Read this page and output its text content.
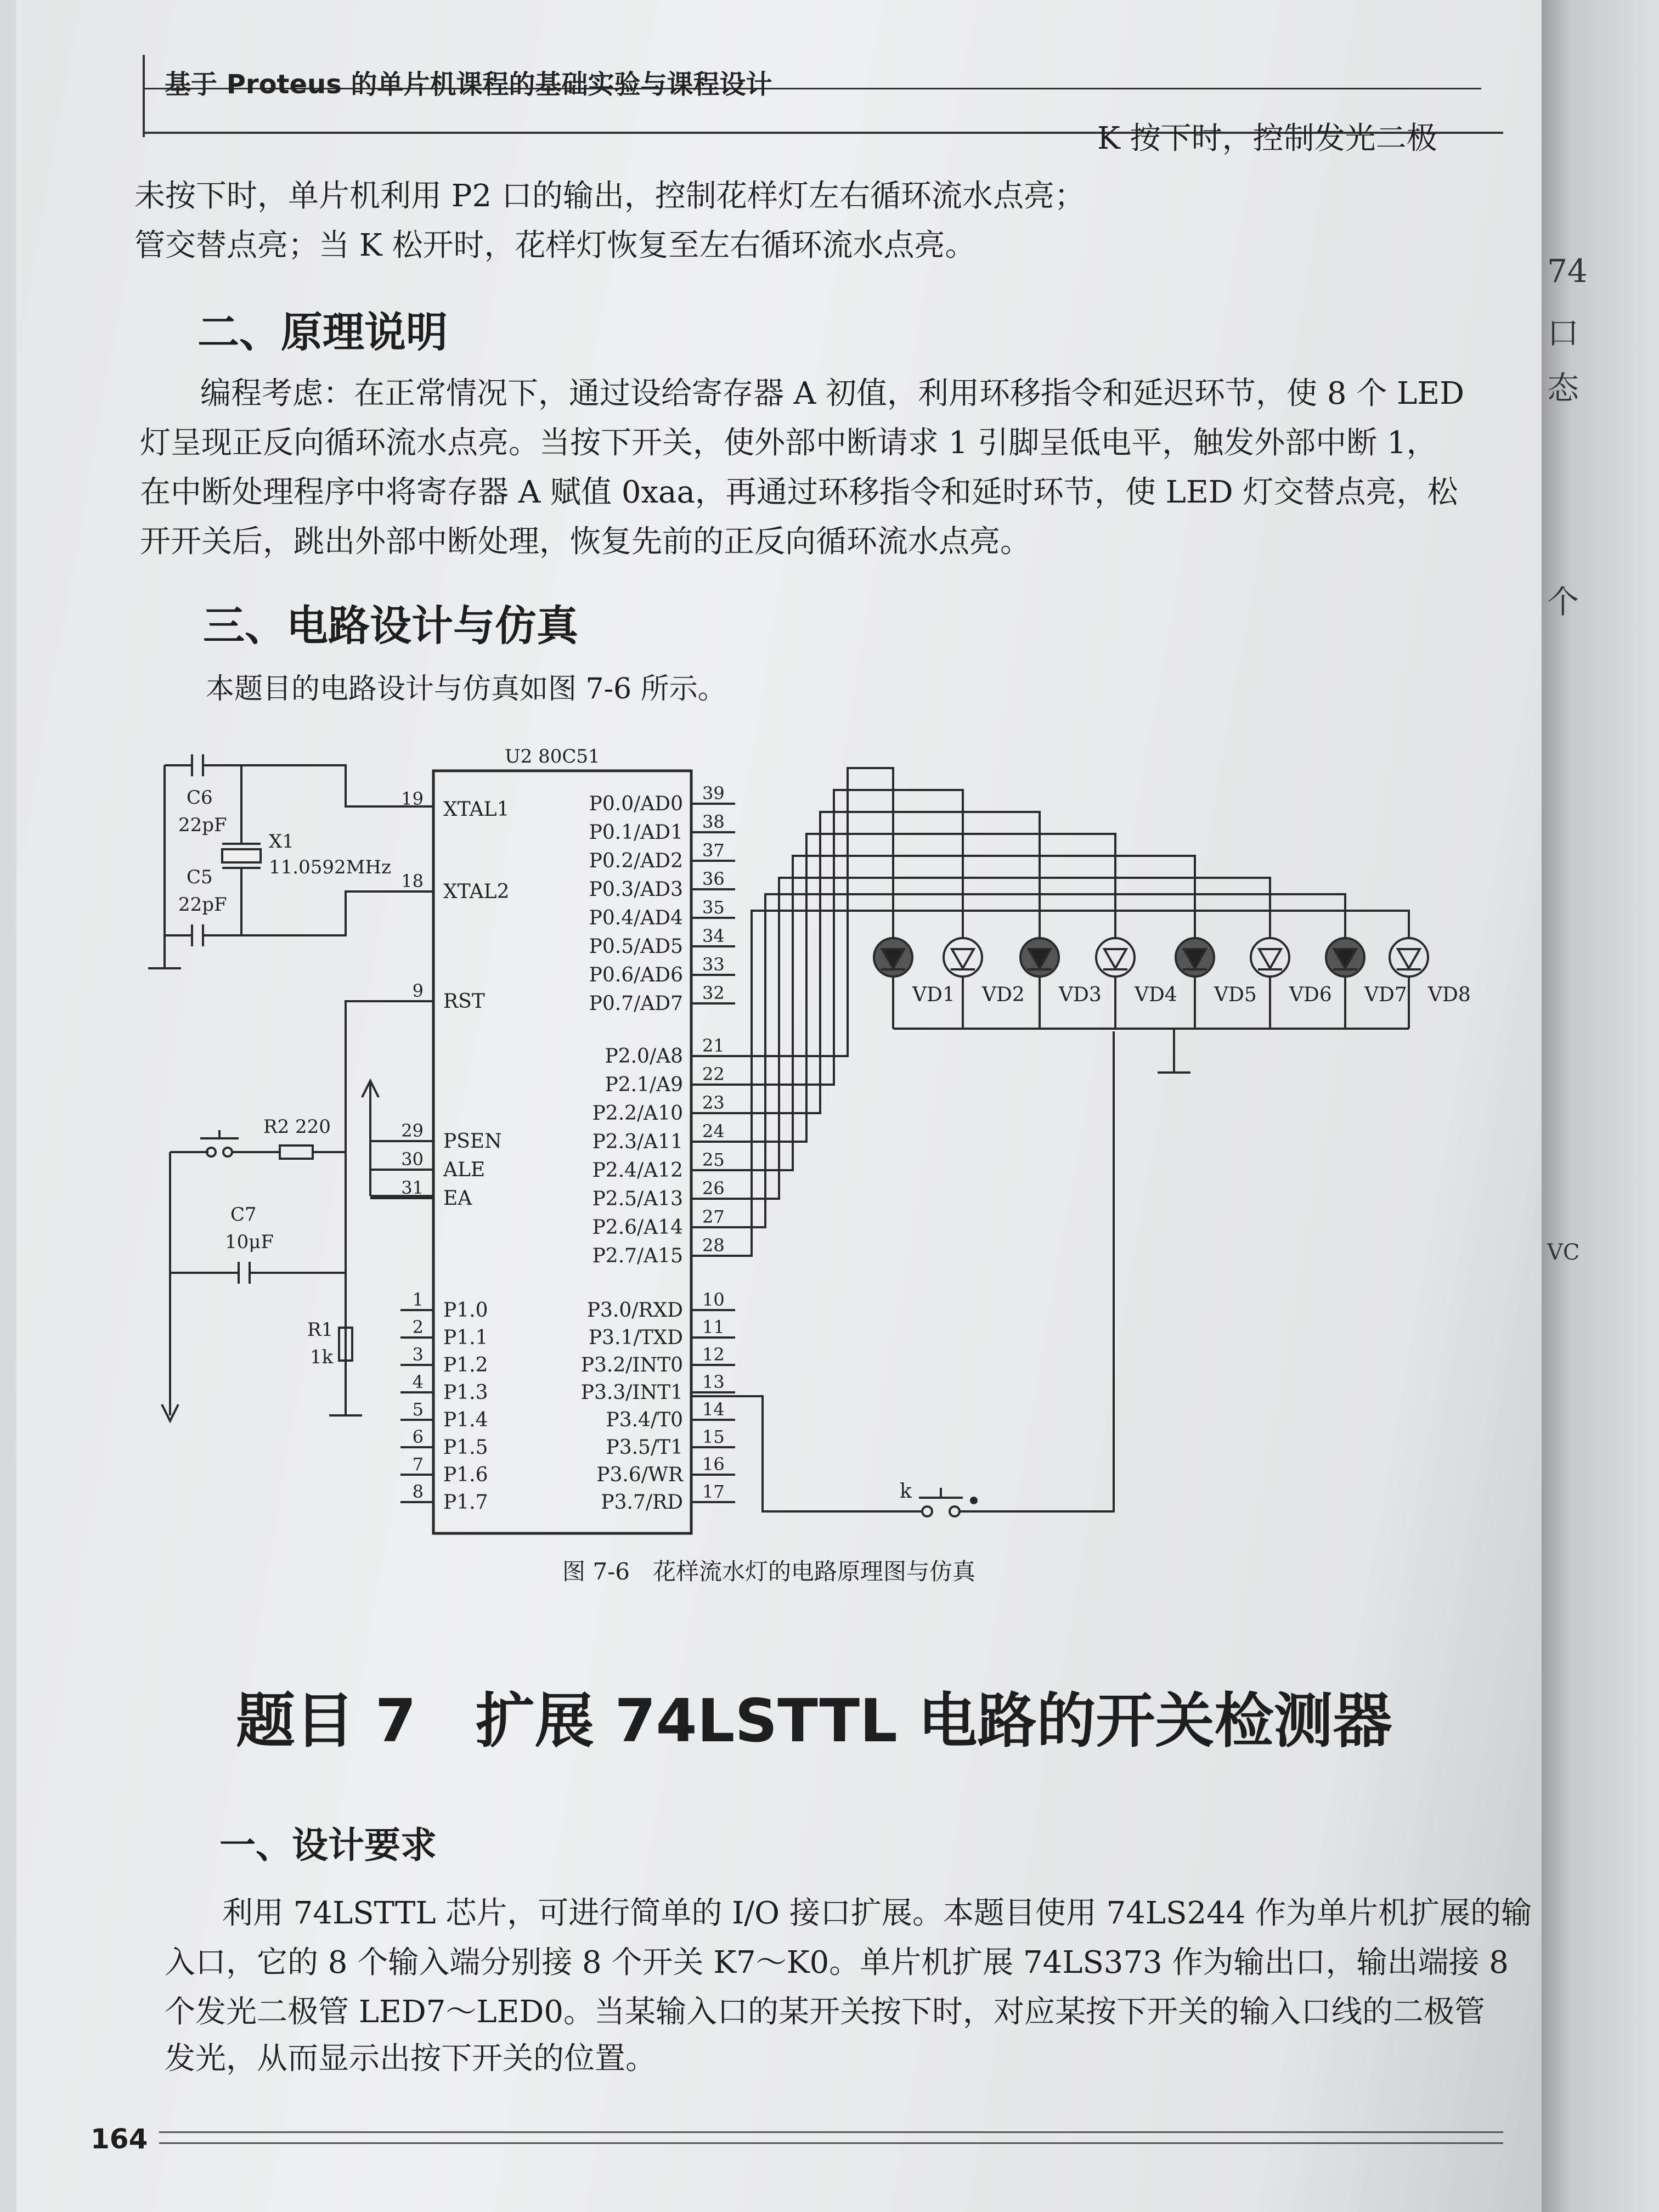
基于 Proteus 的单片机课程的基础实验与课程设计
74
口
态
个
VC
K 按下时，控制发光二极
未按下时，单片机利用 P2 口的输出，控制花样灯左右循环流水点亮；
管交替点亮；当 K 松开时，花样灯恢复至左右循环流水点亮。
二、原理说明
编程考虑：在正常情况下，通过设给寄存器 A 初值，利用环移指令和延迟环节，使 8 个 LED
灯呈现正反向循环流水点亮。当按下开关，使外部中断请求 1 引脚呈低电平，触发外部中断 1，
在中断处理程序中将寄存器 A 赋值 0xaa，再通过环移指令和延时环节，使 LED 灯交替点亮，松
开开关后，跳出外部中断处理，恢复先前的正反向循环流水点亮。
三、电路设计与仿真
本题目的电路设计与仿真如图 7-6 所示。
U2 80C51
C6
22pF
C5
22pF
X1
11.0592MHz
R2 220
C7
10μF
R1
1k
19 XTAL1
18 XTAL2
9 RST
29 PSEN
30 ALE
31 EA
1 P1.0
2 P1.1
3 P1.2
4 P1.3
5 P1.4
6 P1.5
7 P1.6
8 P1.7
39
P0.0/AD0
38
P0.1/AD1
37
P0.2/AD2
36
P0.3/AD3
35
P0.4/AD4
34
P0.5/AD5
33
P0.6/AD6
32
P0.7/AD7
21
P2.0/A8
22
P2.1/A9
23
P2.2/A10
24
P2.3/A11
25
P2.4/A12
26
P2.5/A13
27
P2.6/A14
28
P2.7/A15
10
P3.0/RXD
11
P3.1/TXD
12
P3.2/INT0
13
P3.3/INT1
14
P3.4/T0
15
P3.5/T1
16
P3.6/WR
17
P3.7/RD
VD1 VD2 VD3 VD4 VD5 VD6 VD7 VD8
k
图 7-6　花样流水灯的电路原理图与仿真
题目 7　扩展 74LSTTL 电路的开关检测器
一、设计要求
利用 74LSTTL 芯片，可进行简单的 I/O 接口扩展。本题目使用 74LS244 作为单片机扩展的输
入口，它的 8 个输入端分别接 8 个开关 K7～K0。单片机扩展 74LS373 作为输出口，输出端接 8
个发光二极管 LED7～LED0。当某输入口的某开关按下时，对应某按下开关的输入口线的二极管
发光，从而显示出按下开关的位置。
164
